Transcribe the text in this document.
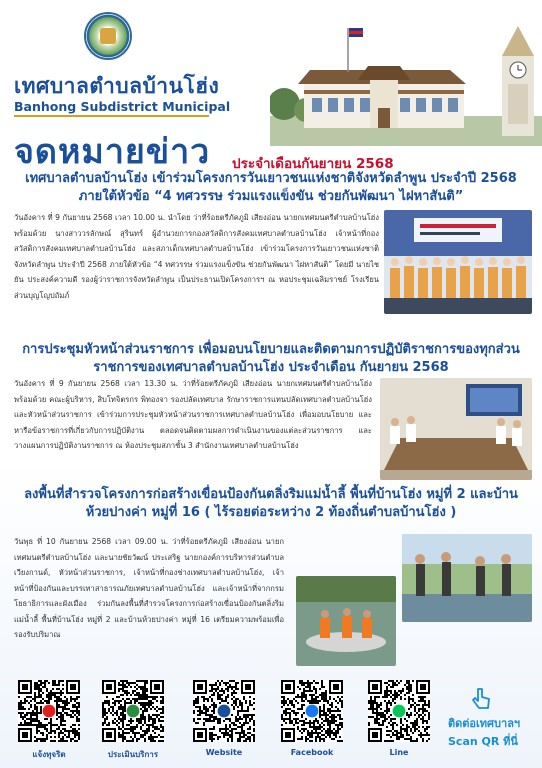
เทศบาลตำบลบ้านโฮ่ง
Banhong Subdistrict Municipal
จดหมายข่าว ประจำเดือนกันยายน 2568
เทศบาลตำบลบ้านโฮ่ง เข้าร่วมโครงการวันเยาวชนแห่งชาติจังหวัดลำพูน ประจำปี 2568 ภายใต้หัวข้อ “4 ทศวรรษ ร่วมแรงแข็งขัน ช่วยกันพัฒนา ไฝหาสันติ”
วันอังคาร ที่ 9 กันยายน 2568 เวลา 10.00 น. นำโดย ว่าที่ร้อยตรีภัคภูมิ เสียงอ่อน นายกเทศมนตรีตำบลบ้านโฮ่ง พร้อมด้วย นางสาววรลักษณ์ สุรินทร์ ผู้อำนวยการกองสวัสดิการสังคมเทศบาลตำบลบ้านโฮ่ง เจ้าหน้าที่กองสวัสดิการสังคมเทศบาลตำบลบ้านโฮ่ง และสภาเด็กเทศบาลตำบลบ้านโฮ่ง เข้าร่วมโครงการวันเยาวชนแห่งชาติจังหวัดลำพูน ประจำปี 2568 ภายใต้หัวข้อ “4 ทศวรรษ ร่วมแรงแข็งขัน ช่วยกันพัฒนา ไฝหาสันติ” โดยมี นายไชยัน ประสงค์ความดี รองผู้ว่าราชการจังหวัดลำพูน เป็นประธานเปิดโครงการฯ ณ หอประชุมเฉลิมราชย์ โรงเรียนส่วนบุญโญปถัมภ์
การประชุมหัวหน้าส่วนราชการ เพื่อมอบนโยบายและติดตามการปฏิบัติราชการของทุกส่วนราชการของเทศบาลตำบลบ้านโฮ่ง ประจำเดือน กันยายน 2568
วันอังคาร ที่ 9 กันยายน 2568 เวลา 13.30 น. ว่าที่ร้อยตรีภัคภูมิ เสียงอ่อน นายกเทศมนตรีตำบลบ้านโฮ่ง พร้อมด้วย คณะผู้บริหาร, สิบโทจิตรกร พิทองจา รองปลัดเทศบาล รักษาราชการแทนปลัดเทศบาลตำบลบ้านโฮ่ง และหัวหน้าส่วนราชการ เข้าร่วมการประชุมหัวหน้าส่วนราชการเทศบาลตำบลบ้านโฮ่ง เพื่อมอบนโยบาย และหารือข้อราชการที่เกี่ยวกับการปฏิบัติงาน ตลอดจนติดตามผลการดำเนินงานของแต่ละส่วนราชการ และวางแผนการปฏิบัติงานราชการ ณ ห้องประชุมสภาชั้น 3 สำนักงานเทศบาลตำบลบ้านโฮ่ง
ลงพื้นที่สำรวจโครงการก่อสร้างเขื่อนป้องกันตลิ่งริมแม่น้ำลี้ พื้นที่บ้านโฮ่ง หมู่ที่ 2 และบ้านห้วยปางค่า หมู่ที่ 16 ( ไร้รอยต่อระหว่าง 2 ท้องถิ่นตำบลบ้านโฮ่ง )
วันพุธ ที่ 10 กันยายน 2568 เวลา 09.00 น. ว่าที่ร้อยตรีภัคภูมิ เสียงอ่อน นายกเทศมนตรีตำบลบ้านโฮ่ง และนายชัยวัฒน์ ประเสริฐ นายกองค์การบริหารส่วนตำบลเวียงกานด์, หัวหน้าส่วนราชการ, เจ้าหน้าที่กองช่างเทศบาลตำบลบ้านโฮ่ง, เจ้าหน้าที่ป้องกันและบรรเทาสาธารณภัยเทศบาลตำบลบ้านโฮ่ง และเจ้าหน้าที่จากกรมโยธาธิการและผังเมือง ร่วมกันลงพื้นที่สำรวจโครงการก่อสร้างเขื่อนป้องกันตลิ่งริมแม่น้ำลี้ พื้นที่บ้านโฮ่ง หมู่ที่ 2 และบ้านห้วยปางค่า หมู่ที่ 16 เตรียมความพร้อมเพื่อรองรับปริมาณ
แจ้งทุจริต	ประเมินบริการ	Website	Facebook	Line
ติดต่อเทศบาลฯ
Scan QR ที่นี่
